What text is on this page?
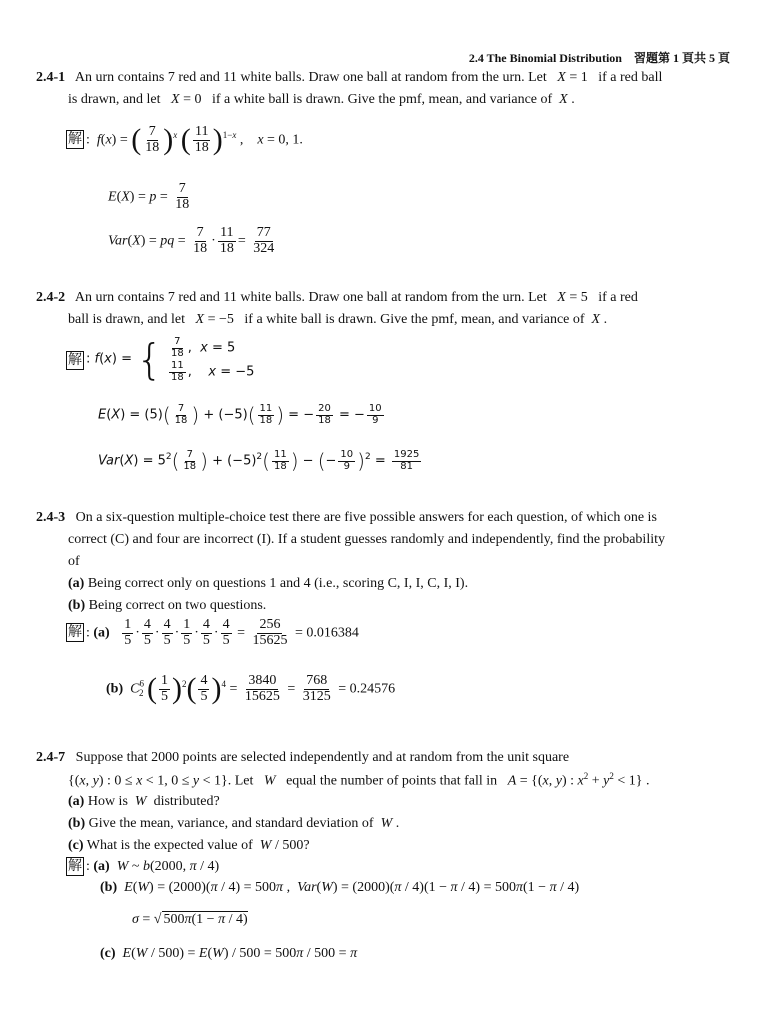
2.4 The Binomial Distribution　習題第 1 頁共 5 頁
2.4-1 An urn contains 7 red and 11 white balls. Draw one ball at random from the urn. Let X = 1   if a red ball
is drawn, and let X = 0   if a white ball is drawn. Give the pmf, mean, and variance of X .
解 :  f(x) = ( $\frac{7}{18} )^x$ ( $\frac{11}{18} )^{1-x}$ ,    x = 0, 1.
$E(X) = p = \frac{7}{18}$
Var(X) = pq = $\frac{7}{18} \cdot \frac{11}{18} = \frac{77}{324}$
2.4-2 An urn contains 7 red and 11 white balls. Draw one ball at random from the urn. Let X = 5   if a red
ball is drawn, and let X = −5   if a white ball is drawn. Give the pmf, mean, and variance of X .
解 : f(x) = { $\frac{7}{18}$ ,  x = 5
$\frac{11}{18}$ ,    x = −5
$E(X) = (5)( \frac{7}{18}$ ) + $(-5)( \frac{11}{18}$ ) = − $\frac{20}{18}$ = − $\frac{10}{9}$
$Var(X) = 5^2( \frac{7}{18}$ ) + $(-5)^2( \frac{11}{18}$ ) − (− $\frac{10}{9} )^2 = \frac{1925}{81}$
2.4-3 On a six-question multiple-choice test there are five possible answers for each question, of which one is
correct (C) and four are incorrect (I). If a student guesses randomly and independently, find the probability
of
(a) Being correct only on questions 1 and 4 (i.e., scoring C, I, I, C, I, I).
(b) Being correct on two questions.
解 : $(a) \frac{1}{5} \cdot \frac{4}{5} \cdot \frac{4}{5} \cdot \frac{1}{5} \cdot \frac{4}{5} \cdot \frac{4}{5} = \frac{256}{15625} = 0.016384$
(b) $C^6_2$ ( $\frac{1}{5} )^2( \frac{4}{5} )^4 = \frac{3840}{15625} = \frac{768}{3125} = 0.24576$
2.4-7 Suppose that 2000 points are selected independently and at random from the unit square
{(x, y) : 0 ≤ x < 1, 0 ≤ y < 1}. Let W equal the number of points that fall in A = {(x, y) : $x^2 + y^2 < 1$} .
(a) How is W distributed?
(b) Give the mean, variance, and standard deviation of W .
(c) What is the expected value of W / 500?
解 : (a) W ~ b(2000, π / 4)
(b) E(W) = (2000)(π / 4) = 500π ,  Var(W) = (2000)(π / 4)(1 − π / 4) = 500π(1 − π / 4)
σ = √ 500π(1 − π / 4)
(c) E(W / 500) = E(W) / 500 = 500π / 500 = π
